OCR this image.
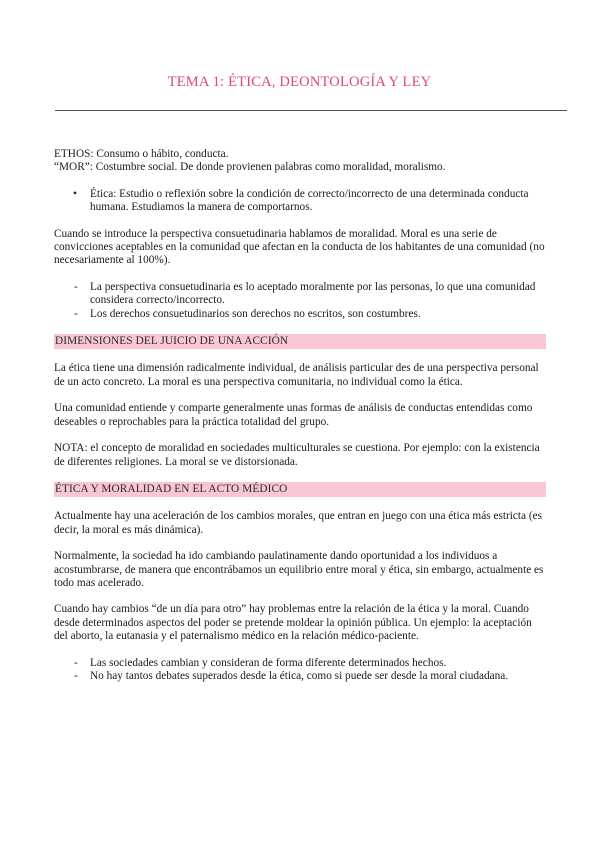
TEMA 1: ÉTICA, DEONTOLOGÍA Y LEY

ETHOS: Consumo o hábito, conducta.

“MOR”: Costumbre social. De donde provienen palabras como moralidad, moralismo.

• Ética: Estudio o reflexión sobre la condición de correcto/incorrecto de una determinada conducta humana. Estudiamos la manera de comportarnos.

Cuando se introduce la perspectiva consuetudinaria hablamos de moralidad. Moral es una serie de convicciones aceptables en la comunidad que afectan en la conducta de los habitantes de una comunidad (no necesariamente al 100%).

- La perspectiva consuetudinaria es lo aceptado moralmente por las personas, lo que una comunidad considera correcto/incorrecto.
- Los derechos consuetudinarios son derechos no escritos, son costumbres.

DIMENSIONES DEL JUICIO DE UNA ACCIÓN

La ética tiene una dimensión radicalmente individual, de análisis particular des de una perspectiva personal de un acto concreto. La moral es una perspectiva comunitaria, no individual como la ética.

Una comunidad entiende y comparte generalmente unas formas de análisis de conductas entendidas como deseables o reprochables para la práctica totalidad del grupo.

NOTA: el concepto de moralidad en sociedades multiculturales se cuestiona. Por ejemplo: con la existencia de diferentes religiones. La moral se ve distorsionada.

ÉTICA Y MORALIDAD EN EL ACTO MÉDICO

Actualmente hay una aceleración de los cambios morales, que entran en juego con una ética más estricta (es decir, la moral es más dinámica).

Normalmente, la sociedad ha ido cambiando paulatinamente dando oportunidad a los individuos a acostumbrarse, de manera que encontrábamos un equilibrio entre moral y ética, sin embargo, actualmente es todo mas acelerado.

Cuando hay cambios “de un día para otro” hay problemas entre la relación de la ética y la moral. Cuando desde determinados aspectos del poder se pretende moldear la opinión pública. Un ejemplo: la aceptación del aborto, la eutanasia y el paternalismo médico en la relación médico-paciente.

- Las sociedades cambian y consideran de forma diferente determinados hechos.
- No hay tantos debates superados desde la ética, como si puede ser desde la moral ciudadana.
